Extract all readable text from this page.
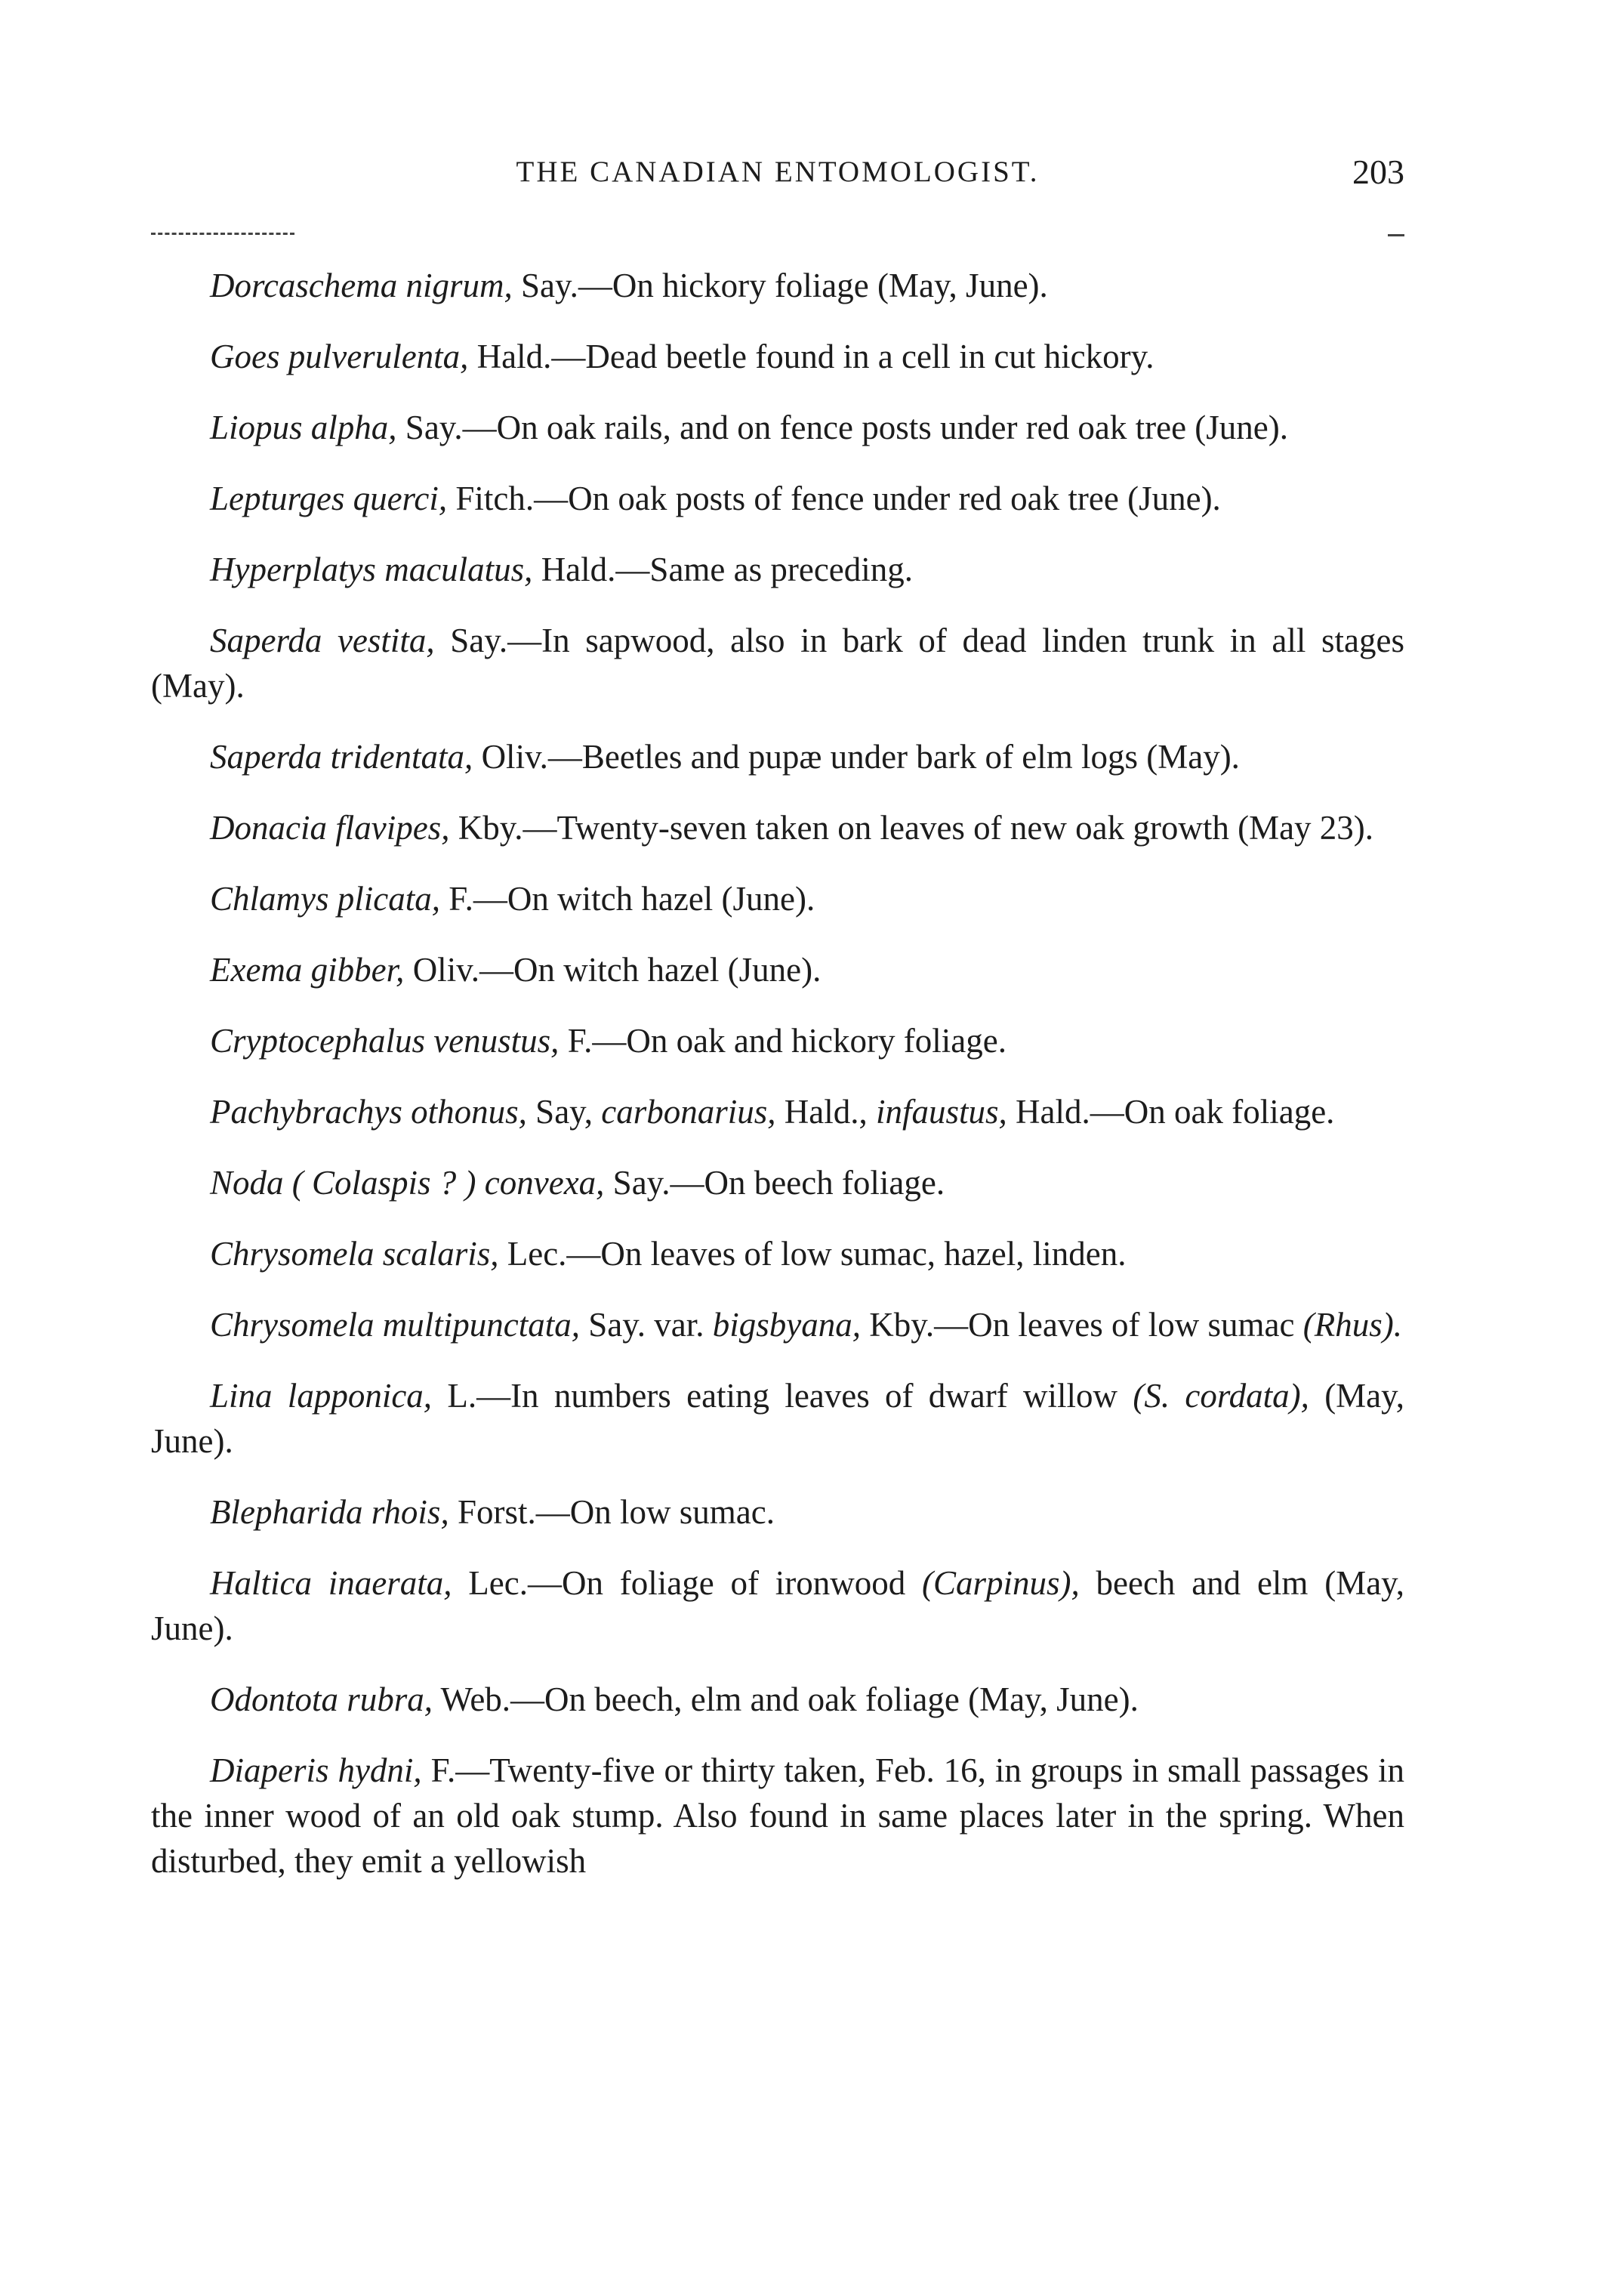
THE CANADIAN ENTOMOLOGIST.	203

Dorcaschema nigrum, Say.—On hickory foliage (May, June).

Goes pulverulenta, Hald.—Dead beetle found in a cell in cut hickory.

Liopus alpha, Say.—On oak rails, and on fence posts under red oak tree (June).

Lepturges querci, Fitch.—On oak posts of fence under red oak tree (June).

Hyperplatys maculatus, Hald.—Same as preceding.

Saperda vestita, Say.—In sapwood, also in bark of dead linden trunk in all stages (May).

Saperda tridentata, Oliv.—Beetles and pupæ under bark of elm logs (May).

Donacia flavipes, Kby.—Twenty-seven taken on leaves of new oak growth (May 23).

Chlamys plicata, F.—On witch hazel (June).

Exema gibber, Oliv.—On witch hazel (June).

Cryptocephalus venustus, F.—On oak and hickory foliage.

Pachybrachys othonus, Say, carbonarius, Hald., infaustus, Hald.—On oak foliage.

Noda ( Colaspis ? ) convexa, Say.—On beech foliage.

Chrysomela scalaris, Lec.—On leaves of low sumac, hazel, linden.

Chrysomela multipunctata, Say. var. bigsbyana, Kby.—On leaves of low sumac (Rhus).

Lina lapponica, L.—In numbers eating leaves of dwarf willow (S. cordata), (May, June).

Blepharida rhois, Forst.—On low sumac.

Haltica inaerata, Lec.—On foliage of ironwood (Carpinus), beech and elm (May, June).

Odontota rubra, Web.—On beech, elm and oak foliage (May, June).

Diaperis hydni, F.—Twenty-five or thirty taken, Feb. 16, in groups in small passages in the inner wood of an old oak stump. Also found in same places later in the spring. When disturbed, they emit a yellowish
